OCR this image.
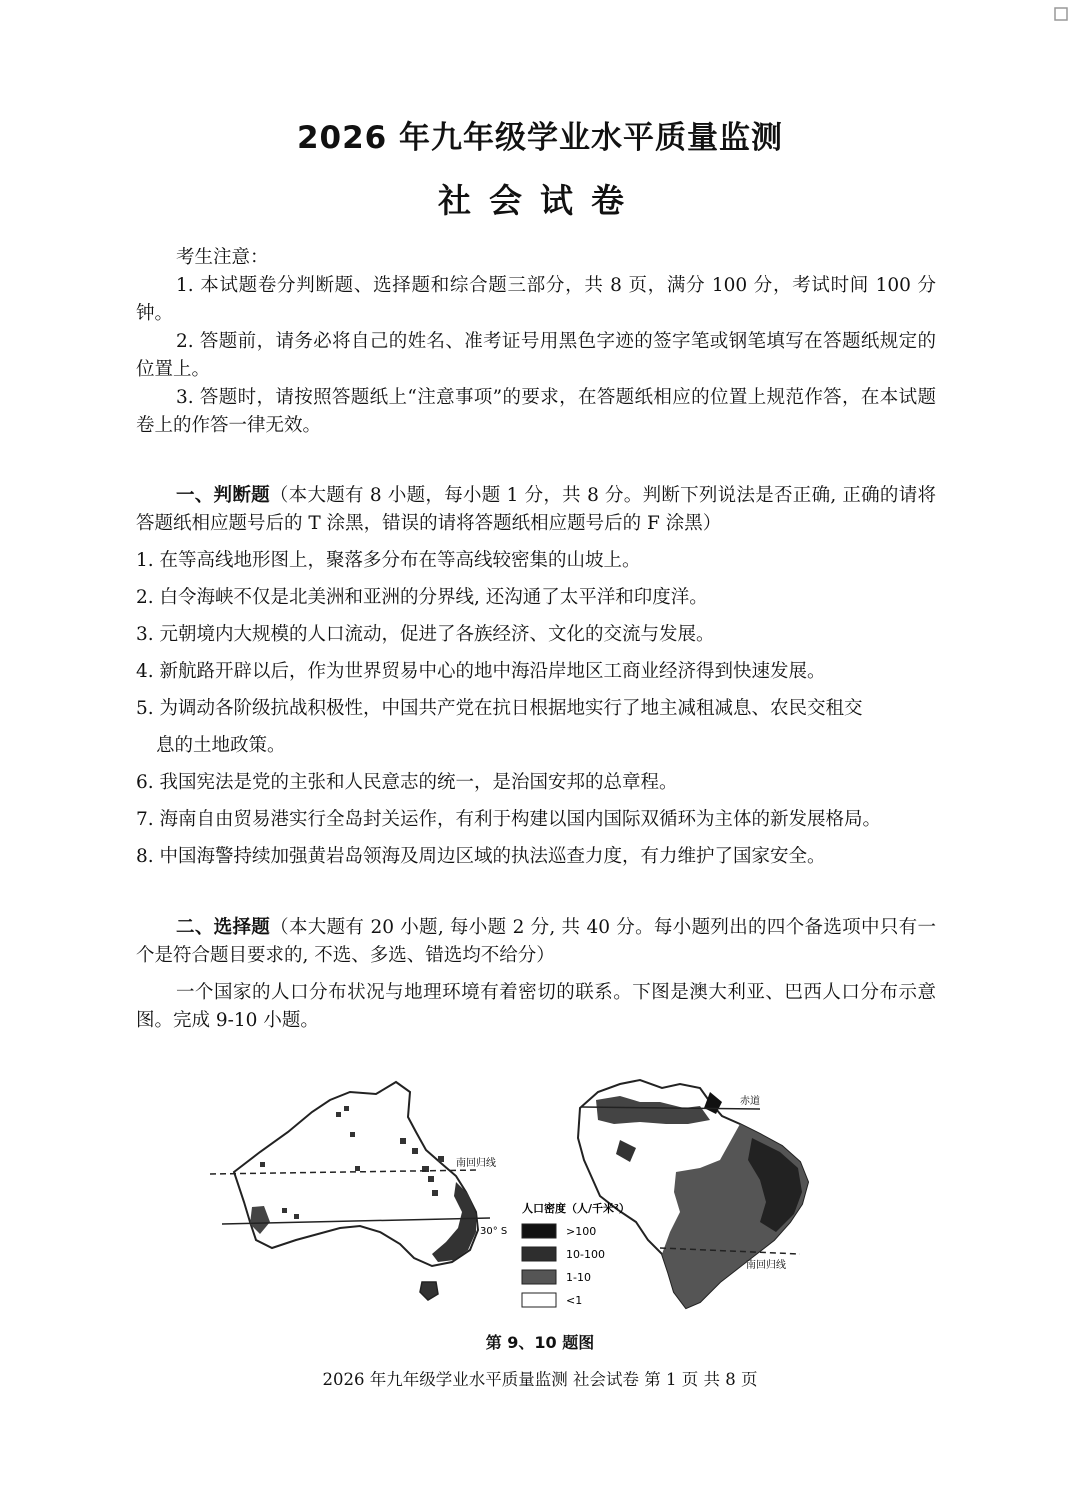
2026 年九年级学业水平质量监测
社会试卷
考生注意：
1. 本试题卷分判断题、选择题和综合题三部分，共 8 页，满分 100 分，考试时间 100 分钟。
2. 答题前，请务必将自己的姓名、准考证号用黑色字迹的签字笔或钢笔填写在答题纸规定的位置上。
3. 答题时，请按照答题纸上“注意事项”的要求，在答题纸相应的位置上规范作答，在本试题卷上的作答一律无效。
一、判断题（本大题有 8 小题，每小题 1 分，共 8 分。判断下列说法是否正确, 正确的请将答题纸相应题号后的 T 涂黑，错误的请将答题纸相应题号后的 F 涂黑）
1. 在等高线地形图上，聚落多分布在等高线较密集的山坡上。
2. 白令海峡不仅是北美洲和亚洲的分界线, 还沟通了太平洋和印度洋。
3. 元朝境内大规模的人口流动，促进了各族经济、文化的交流与发展。
4. 新航路开辟以后，作为世界贸易中心的地中海沿岸地区工商业经济得到快速发展。
5. 为调动各阶级抗战积极性，中国共产党在抗日根据地实行了地主减租减息、农民交租交
息的土地政策。
6. 我国宪法是党的主张和人民意志的统一，是治国安邦的总章程。
7. 海南自由贸易港实行全岛封关运作，有利于构建以国内国际双循环为主体的新发展格局。
8. 中国海警持续加强黄岩岛领海及周边区域的执法巡查力度，有力维护了国家安全。
二、选择题（本大题有 20 小题, 每小题 2 分, 共 40 分。每小题列出的四个备选项中只有一个是符合题目要求的, 不选、多选、错选均不给分）
一个国家的人口分布状况与地理环境有着密切的联系。下图是澳大利亚、巴西人口分布示意图。完成 9-10 小题。
南回归线
30° S
赤道
南回归线
人口密度（人/千米²）
>100
10-100
1-10
<1
第 9、10 题图
2026 年九年级学业水平质量监测 社会试卷 第 1 页 共 8 页
